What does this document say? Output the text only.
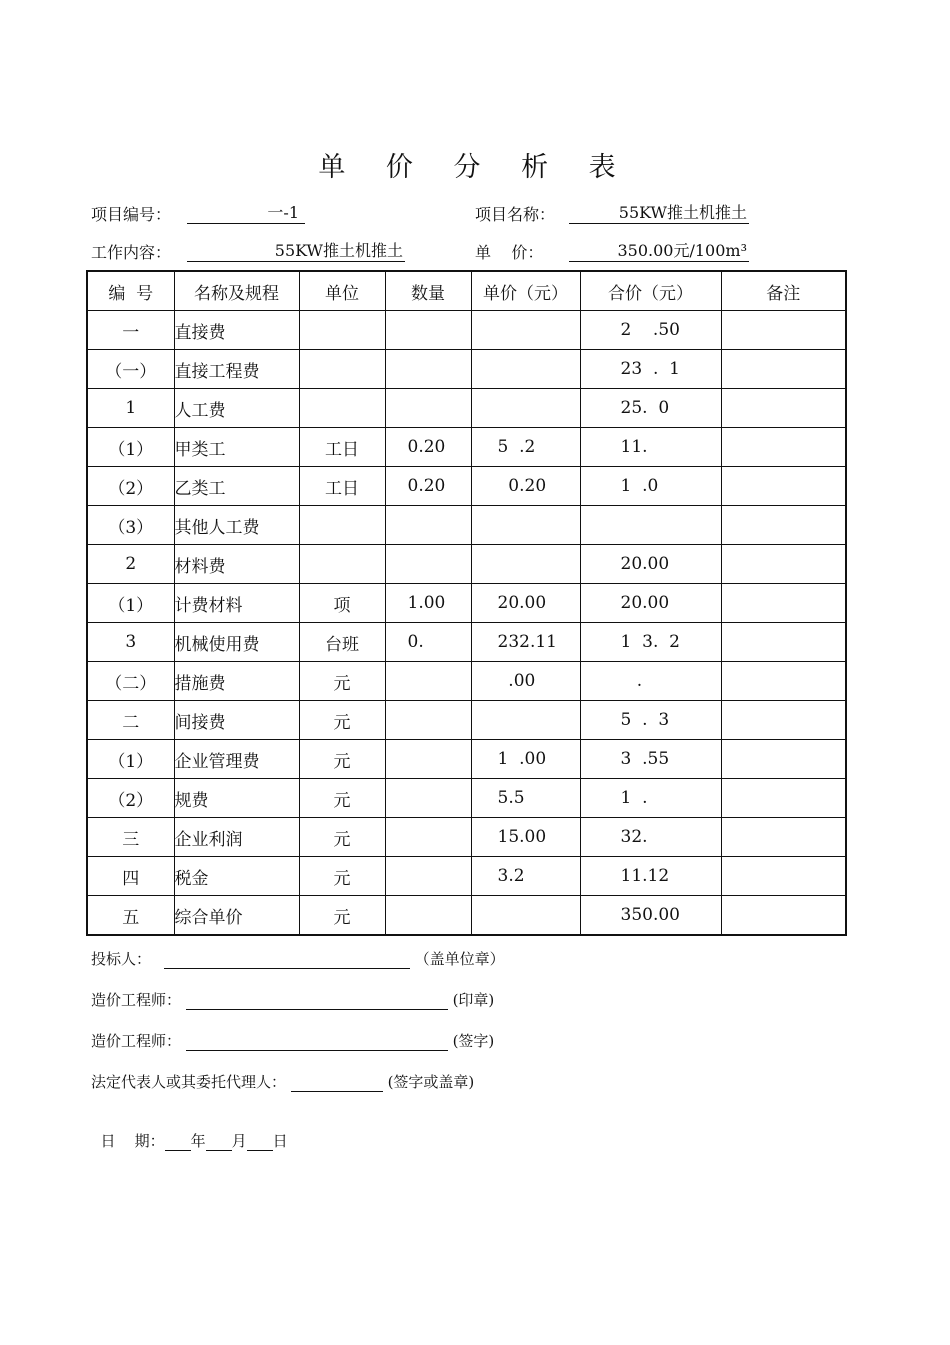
单 价 分 析 表
项目编号：	一-1	项目名称：	55KW推土机推土
工作内容：	55KW推土机推土	单    价：	350.00元/100m³
编  号	名称及规程	单位	数量	单价（元）	合价（元）	备注
一	直接费				2    .50	
（一）	直接工程费				23  .  1	
1	人工费				25.  0	
（1）	甲类工	工日	0.20	5  .2	11.	
（2）	乙类工	工日	0.20	0.20	1  .0	
（3）	其他人工费					
2	材料费				20.00	
（1）	计费材料	项	1.00	20.00	20.00	
3	机械使用费	台班	0.	232.11	1  3.  2	
（二）	措施费	元		.00	.	
二	间接费	元			5  .  3	
（1）	企业管理费	元		1  .00	3  .55	
（2）	规费	元		5.5	1  .	
三	企业利润	元		15.00	32.	
四	税金	元		3.2	11.12	
五	综合单价	元			350.00	
投标人：	（盖单位章）
造价工程师：	(印章)
造价工程师：	(签字)
法定代表人或其委托代理人：	(签字或盖章)

日    期： 年 月 日
